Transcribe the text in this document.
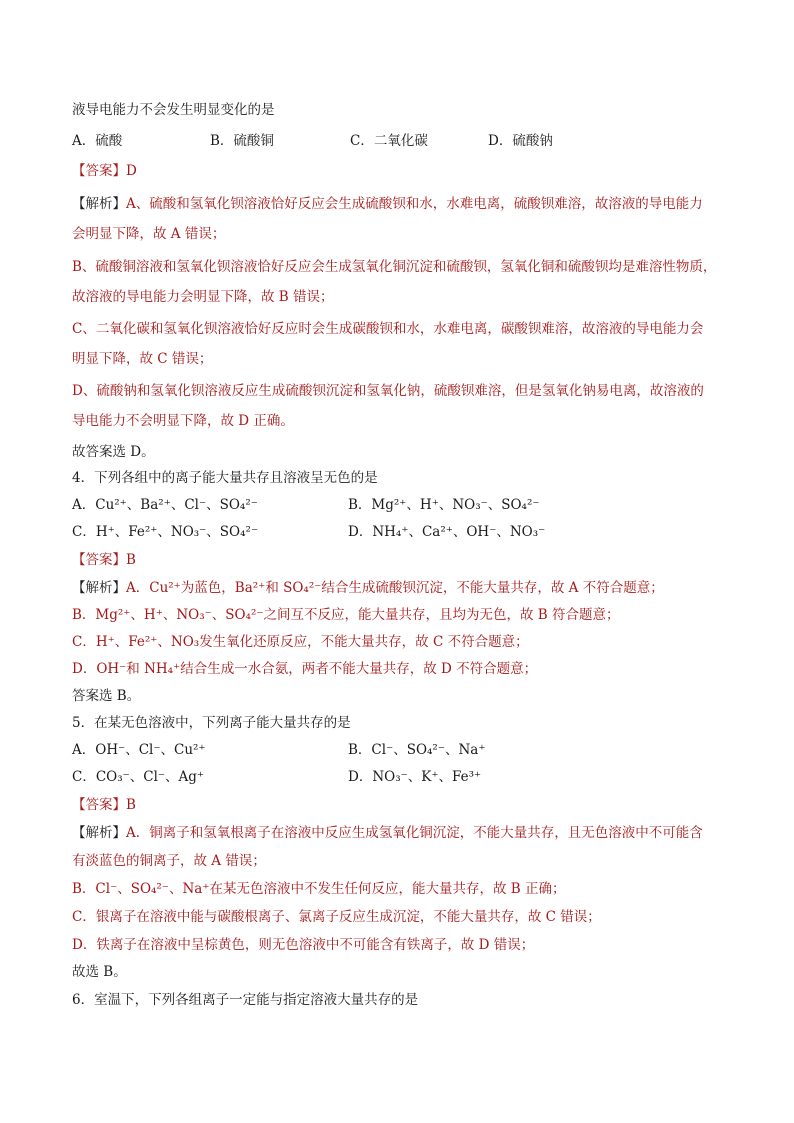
液导电能力不会发生明显变化的是
A．硫酸	B．硫酸铜	C．二氧化碳	D．硫酸钠
【答案】D
【解析】A、硫酸和氢氧化钡溶液恰好反应会生成硫酸钡和水，水难电离，硫酸钡难溶，故溶液的导电能力
会明显下降，故 A 错误；
B、硫酸铜溶液和氢氧化钡溶液恰好反应会生成氢氧化铜沉淀和硫酸钡，氢氧化铜和硫酸钡均是难溶性物质，
故溶液的导电能力会明显下降，故 B 错误；
C、二氧化碳和氢氧化钡溶液恰好反应时会生成碳酸钡和水，水难电离，碳酸钡难溶，故溶液的导电能力会
明显下降，故 C 错误；
D、硫酸钠和氢氧化钡溶液反应生成硫酸钡沉淀和氢氧化钠，硫酸钡难溶，但是氢氧化钠易电离，故溶液的
导电能力不会明显下降，故 D 正确。
故答案选 D。
4．下列各组中的离子能大量共存且溶液呈无色的是
A．Cu²⁺、Ba²⁺、Cl⁻、SO₄²⁻	B．Mg²⁺、H⁺、NO₃⁻、SO₄²⁻
C．H⁺、Fe²⁺、NO₃⁻、SO₄²⁻	D．NH₄⁺、Ca²⁺、OH⁻、NO₃⁻
【答案】B
【解析】A．Cu²⁺为蓝色，Ba²⁺和 SO₄²⁻结合生成硫酸钡沉淀，不能大量共存，故 A 不符合题意；
B．Mg²⁺、H⁺、NO₃⁻、SO₄²⁻之间互不反应，能大量共存，且均为无色，故 B 符合题意；
C．H⁺、Fe²⁺、NO₃发生氧化还原反应，不能大量共存，故 C 不符合题意；
D．OH⁻和 NH₄⁺结合生成一水合氨，两者不能大量共存，故 D 不符合题意；
答案选 B。
5．在某无色溶液中，下列离子能大量共存的是
A．OH⁻、Cl⁻、Cu²⁺	B．Cl⁻、SO₄²⁻、Na⁺
C．CO₃⁻、Cl⁻、Ag⁺	D．NO₃⁻、K⁺、Fe³⁺
【答案】B
【解析】A．铜离子和氢氧根离子在溶液中反应生成氢氧化铜沉淀，不能大量共存，且无色溶液中不可能含
有淡蓝色的铜离子，故 A 错误；
B．Cl⁻、SO₄²⁻、Na⁺在某无色溶液中不发生任何反应，能大量共存，故 B 正确；
C．银离子在溶液中能与碳酸根离子、氯离子反应生成沉淀，不能大量共存，故 C 错误；
D．铁离子在溶液中呈棕黄色，则无色溶液中不可能含有铁离子，故 D 错误；
故选 B。
6．室温下，下列各组离子一定能与指定溶液大量共存的是
